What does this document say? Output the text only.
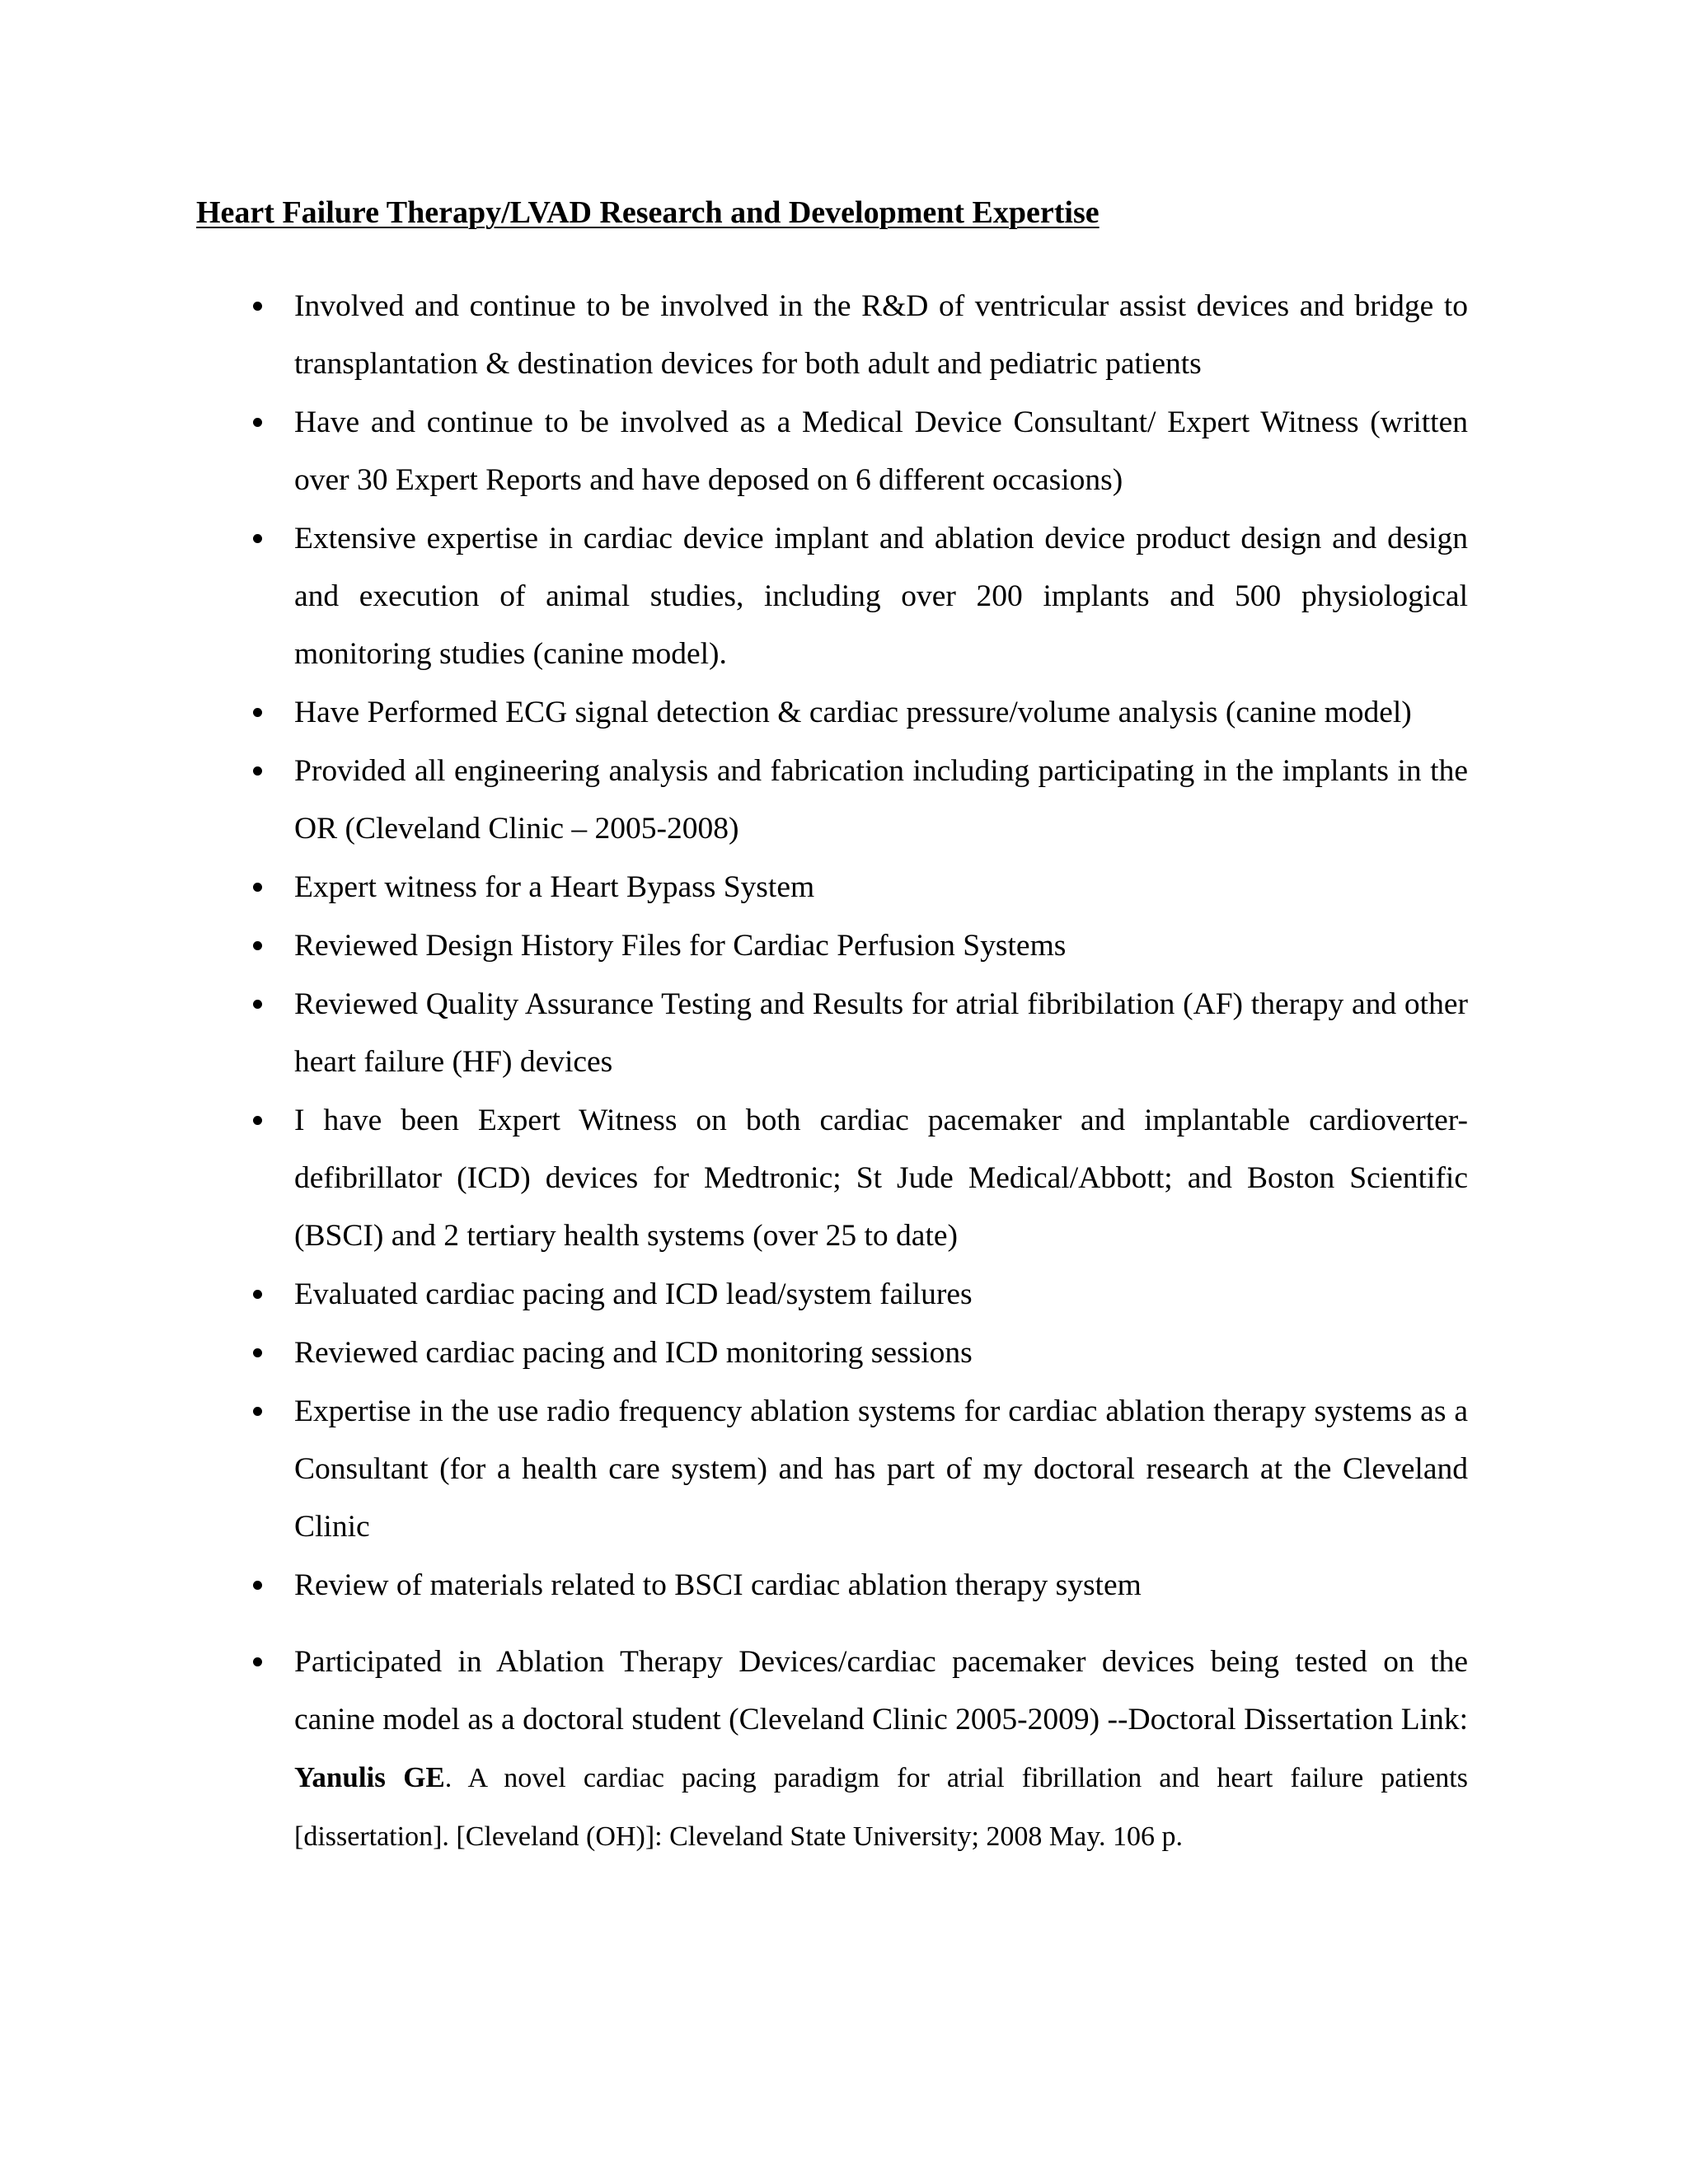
Heart Failure Therapy/LVAD Research and Development Expertise
Involved and continue to be involved in the R&D of ventricular assist devices and bridge to transplantation & destination devices for both adult and pediatric patients
Have and continue to be involved as a Medical Device Consultant/ Expert Witness (written over 30 Expert Reports and have deposed on 6 different occasions)
Extensive expertise in cardiac device implant and ablation device product design and design and execution of animal studies, including over 200 implants and 500 physiological monitoring studies (canine model).
Have Performed ECG signal detection & cardiac pressure/volume analysis (canine model)
Provided all engineering analysis and fabrication including participating in the implants in the OR (Cleveland Clinic – 2005-2008)
Expert witness for a Heart Bypass System
Reviewed Design History Files for Cardiac Perfusion Systems
Reviewed Quality Assurance Testing and Results for atrial fibribilation (AF) therapy and other heart failure (HF) devices
I have been Expert Witness on both cardiac pacemaker and implantable cardioverter-defibrillator (ICD) devices for Medtronic; St Jude Medical/Abbott; and Boston Scientific (BSCI) and 2 tertiary health systems (over 25 to date)
Evaluated cardiac pacing and ICD lead/system failures
Reviewed cardiac pacing and ICD monitoring sessions
Expertise in the use radio frequency ablation systems for cardiac ablation therapy systems as a Consultant (for a health care system) and has part of my doctoral research at the Cleveland Clinic
Review of materials related to BSCI cardiac ablation therapy system
Participated in Ablation Therapy Devices/cardiac pacemaker devices being tested on the canine model as a doctoral student (Cleveland Clinic 2005-2009) --Doctoral Dissertation Link: Yanulis GE. A novel cardiac pacing paradigm for atrial fibrillation and heart failure patients [dissertation]. [Cleveland (OH)]: Cleveland State University; 2008 May. 106 p.
